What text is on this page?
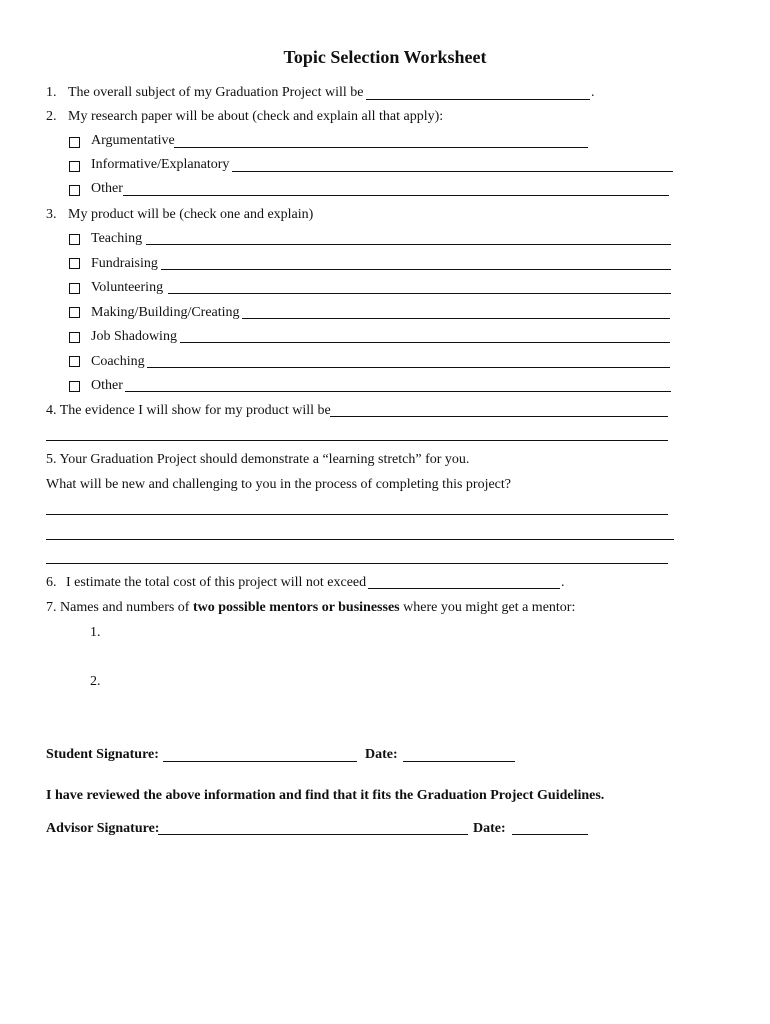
Topic Selection Worksheet
1. The overall subject of my Graduation Project will be	.
2. My research paper will be about (check and explain all that apply):
Argumentative
Informative/Explanatory
Other
3. My product will be (check one and explain)
Teaching
Fundraising
Volunteering
Making/Building/Creating
Job Shadowing
Coaching
Other
4. The evidence I will show for my product will be
5. Your Graduation Project should demonstrate a “learning stretch” for you.
What will be new and challenging to you in the process of completing this project?
6. I estimate the total cost of this project will not exceed	.
7. Names and numbers of two possible mentors or businesses where you might get a mentor:
1.
2.
Student Signature:	Date:
I have reviewed the above information and find that it fits the Graduation Project Guidelines.
Advisor Signature:	Date:
